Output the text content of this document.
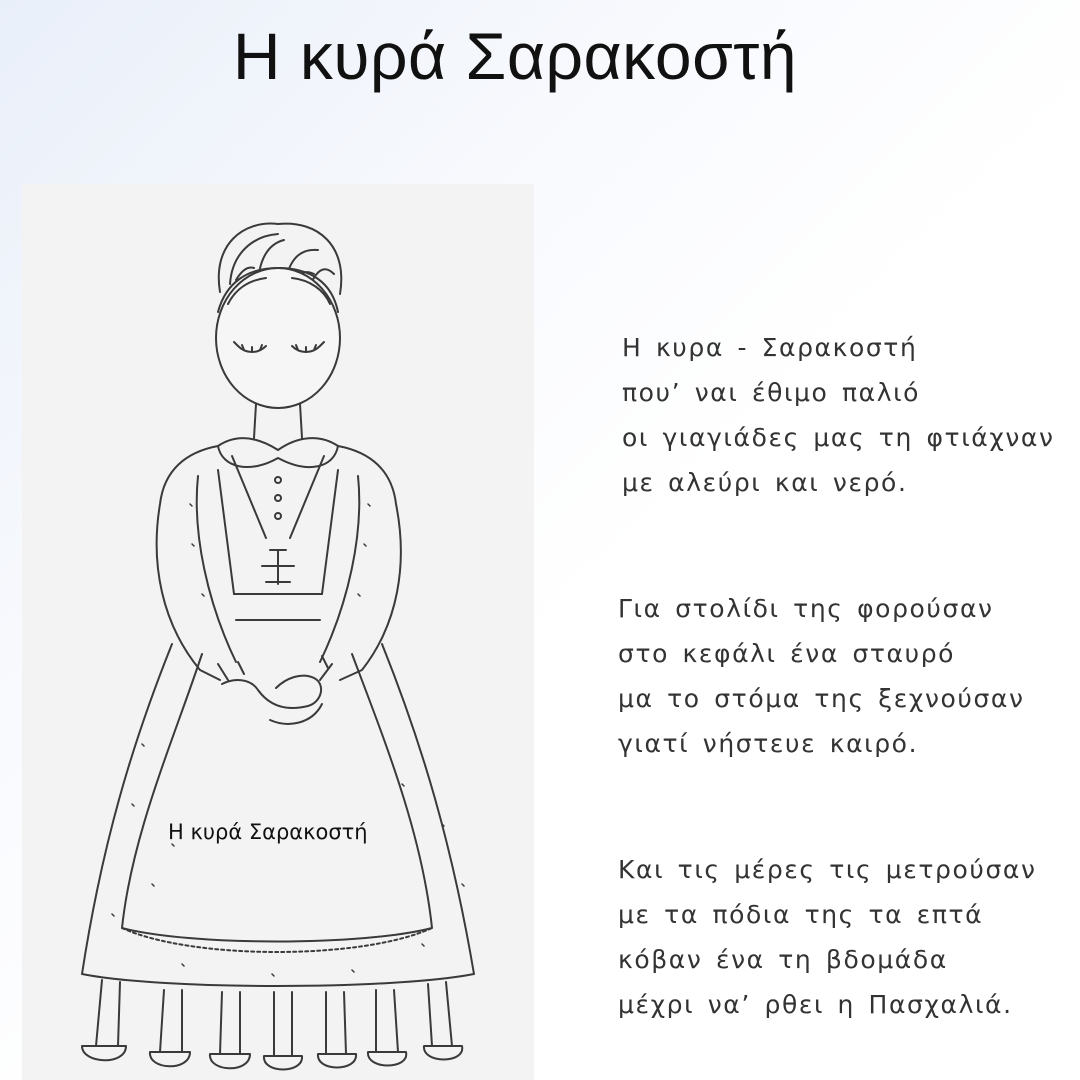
Η κυρά Σαρακοστή
Η κυρά Σαρακοστή
Η κυρα - Σαρακοστή
που’ ναι έθιμο παλιό
οι γιαγιάδες μας τη φτιάχναν
με αλεύρι και νερό.
Για στολίδι της φορούσαν
στο κεφάλι ένα σταυρό
μα το στόμα της ξεχνούσαν
γιατί νήστευε καιρό.
Και τις μέρες τις μετρούσαν
με τα πόδια της τα επτά
κόβαν ένα τη βδομάδα
μέχρι να’ ρθει η Πασχαλιά.
